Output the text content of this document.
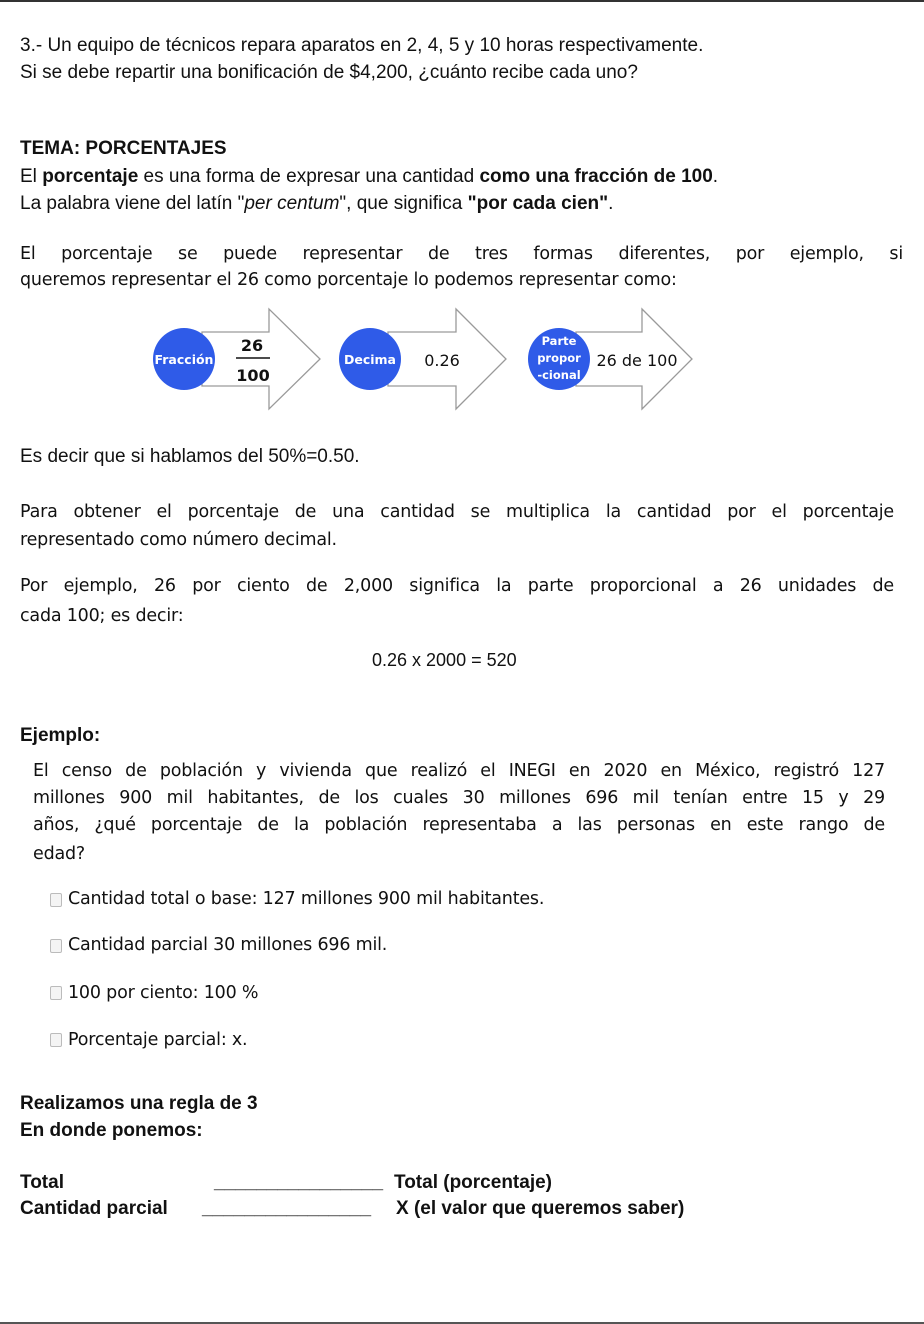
3.- Un equipo de técnicos repara aparatos en 2, 4, 5 y 10 horas respectivamente.
Si se debe repartir una bonificación de $4,200, ¿cuánto recibe cada uno?
TEMA: PORCENTAJES
El porcentaje es una forma de expresar una cantidad como una fracción de 100.
La palabra viene del latín "per centum", que significa "por cada cien".
El porcentaje se puede representar de tres formas diferentes, por ejemplo, si
queremos representar el 26 como porcentaje lo podemos representar como:
Fracción
26
100
Decima 0.26
Parte
propor
-cional
26 de 100
Es decir que si hablamos del 50%=0.50.
Para obtener el porcentaje de una cantidad se multiplica la cantidad por el porcentaje
representado como número decimal.
Por ejemplo, 26 por ciento de 2,000 significa la parte proporcional a 26 unidades de
cada 100; es decir:
0.26 x 2000 = 520
Ejemplo:
El censo de población y vivienda que realizó el INEGI en 2020 en México, registró 127
millones 900 mil habitantes, de los cuales 30 millones 696 mil tenían entre 15 y 29
años, ¿qué porcentaje de la población representaba a las personas en este rango de
edad?
Cantidad total o base: 127 millones 900 mil habitantes.
Cantidad parcial 30 millones 696 mil.
100 por ciento: 100 %
Porcentaje parcial: x.
Realizamos una regla de 3
En donde ponemos:
Total	________________ Total (porcentaje)
Cantidad parcial ________________ X (el valor que queremos saber)
